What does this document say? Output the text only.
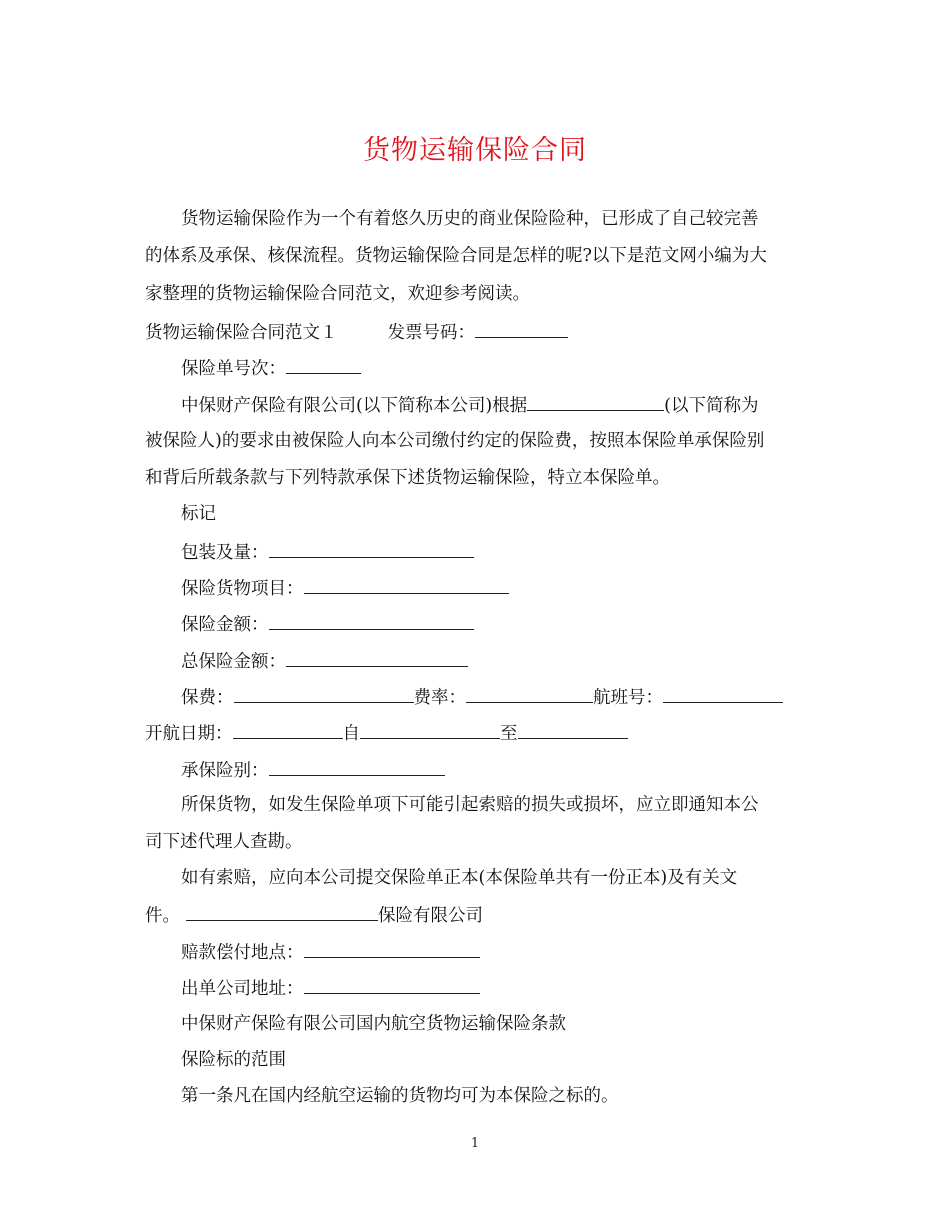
货物运输保险合同
货物运输保险作为一个有着悠久历史的商业保险险种，已形成了自己较完善
的体系及承保、核保流程。货物运输保险合同是怎样的呢?以下是范文网小编为大
家整理的货物运输保险合同范文，欢迎参考阅读。
货物运输保险合同范文１	发票号码：
保险单号次：
中保财产保险有限公司(以下简称本公司)根据	(以下简称为
被保险人)的要求由被保险人向本公司缴付约定的保险费，按照本保险单承保险别
和背后所载条款与下列特款承保下述货物运输保险，特立本保险单。
标记
包装及量：
保险货物项目：
保险金额：
总保险金额：
保费：	费率：	航班号：
开航日期：	自	至
承保险别：
所保货物，如发生保险单项下可能引起索赔的损失或损坏，应立即通知本公
司下述代理人查勘。
如有索赔，应向本公司提交保险单正本(本保险单共有一份正本)及有关文
件。	保险有限公司
赔款偿付地点：
出单公司地址：
中保财产保险有限公司国内航空货物运输保险条款
保险标的范围
第一条凡在国内经航空运输的货物均可为本保险之标的。
1
